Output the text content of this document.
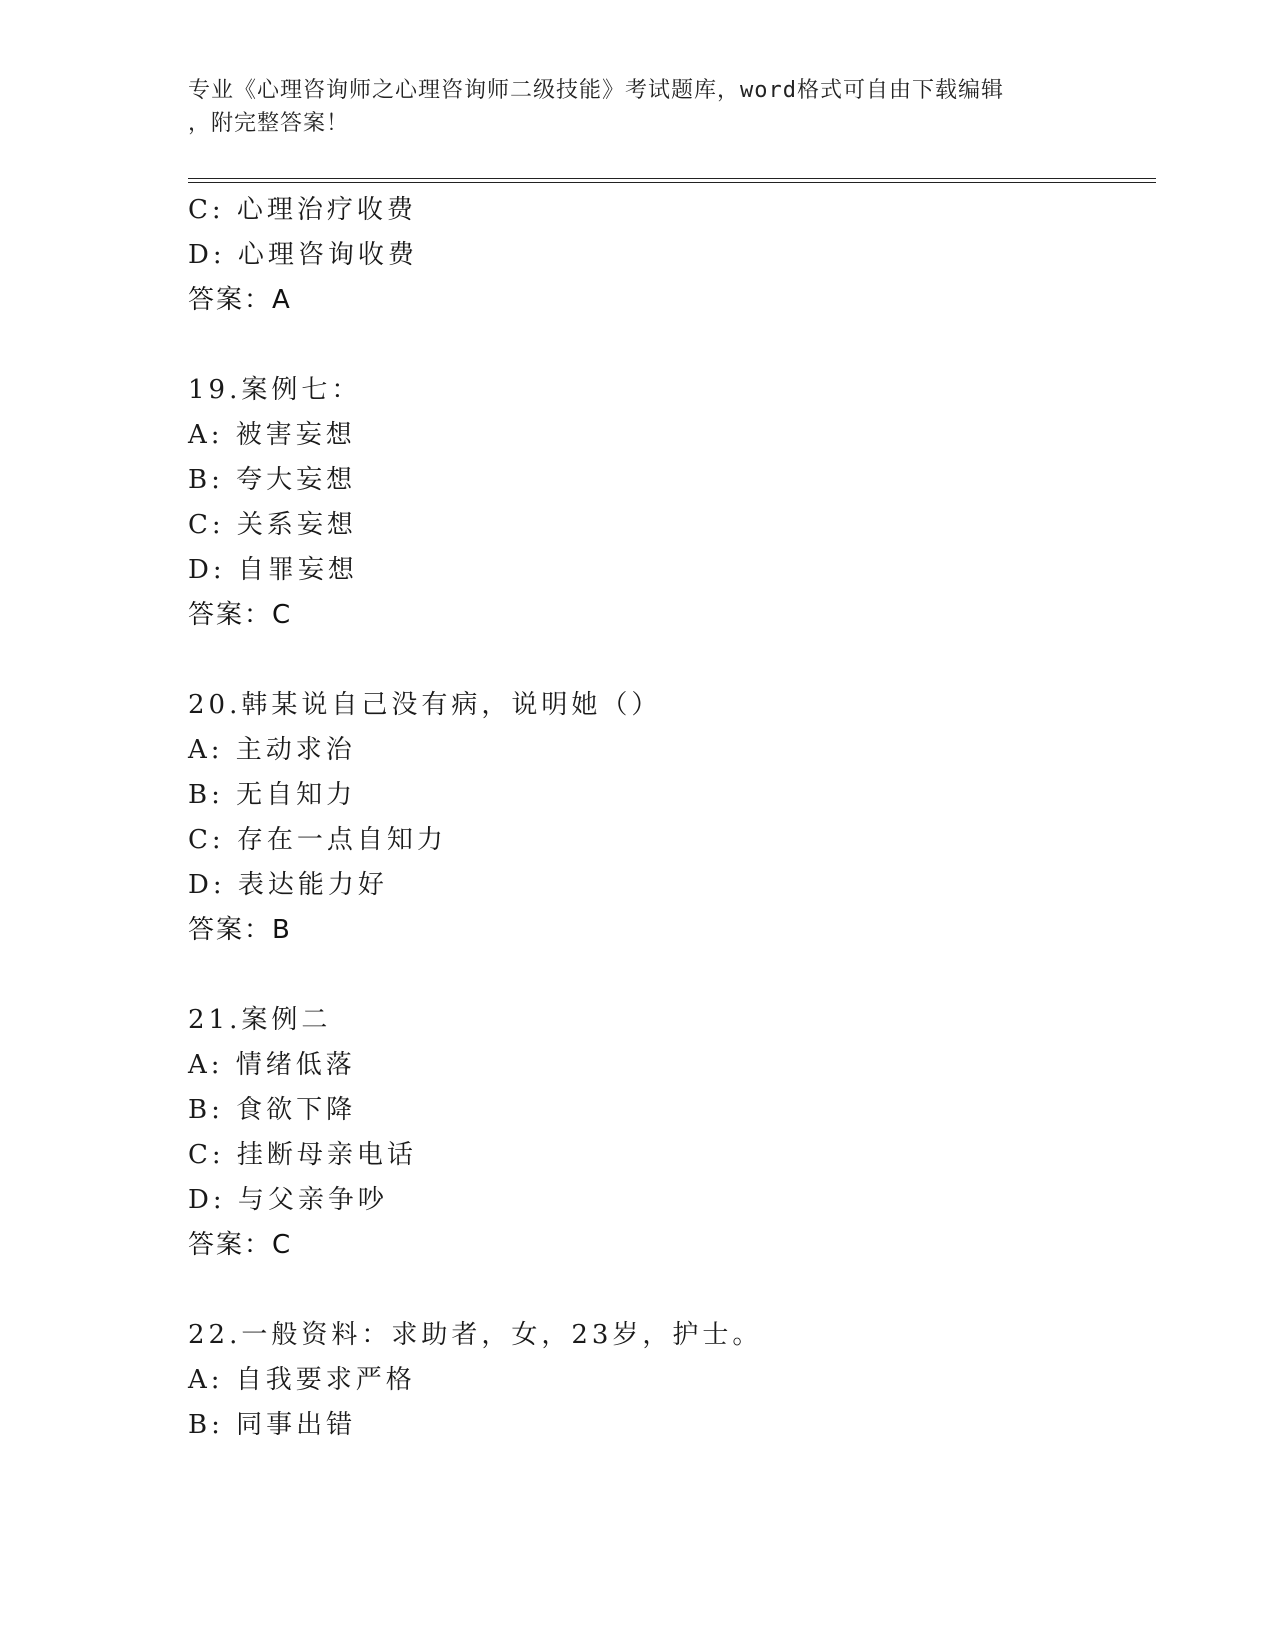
专业《心理咨询师之心理咨询师二级技能》考试题库，word格式可自由下载编辑
，附完整答案！
C: 心理治疗收费
D: 心理咨询收费
答案：A
19.案例七：
A: 被害妄想
B: 夸大妄想
C: 关系妄想
D: 自罪妄想
答案：C
20.韩某说自己没有病，说明她（）
A: 主动求治
B: 无自知力
C: 存在一点自知力
D: 表达能力好
答案：B
21.案例二
A: 情绪低落
B: 食欲下降
C: 挂断母亲电话
D: 与父亲争吵
答案：C
22.一般资料：求助者，女，23岁，护士。
A: 自我要求严格
B: 同事出错
